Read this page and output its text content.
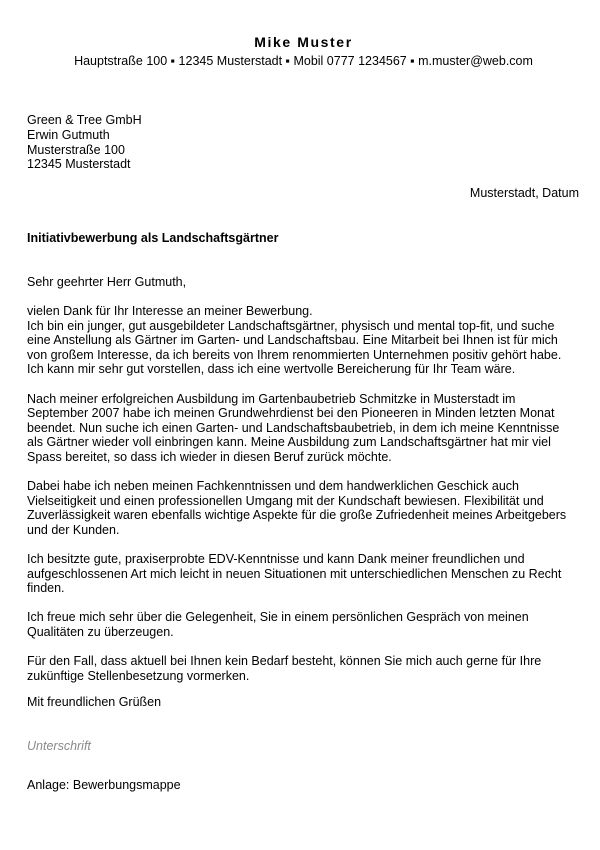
Mike Muster
Hauptstraße 100 ▪ 12345 Musterstadt ▪ Mobil 0777 1234567 ▪ m.muster@web.com
Green & Tree GmbH
Erwin Gutmuth
Musterstraße 100
12345 Musterstadt
Musterstadt, Datum
Initiativbewerbung als Landschaftsgärtner
Sehr geehrter Herr Gutmuth,

vielen Dank für Ihr Interesse an meiner Bewerbung.
Ich bin ein junger, gut ausgebildeter Landschaftsgärtner, physisch und mental top-fit, und suche
eine Anstellung als Gärtner im Garten- und Landschaftsbau. Eine Mitarbeit bei Ihnen ist für mich
von großem Interesse, da ich bereits von Ihrem renommierten Unternehmen positiv gehört habe.
Ich kann mir sehr gut vorstellen, dass ich eine wertvolle Bereicherung für Ihr Team wäre.

Nach meiner erfolgreichen Ausbildung im Gartenbaubetrieb Schmitzke in Musterstadt im
September 2007 habe ich meinen Grundwehrdienst bei den Pioneeren in Minden letzten Monat
beendet. Nun suche ich einen Garten- und Landschaftsbaubetrieb, in dem ich meine Kenntnisse
als Gärtner wieder voll einbringen kann. Meine Ausbildung zum Landschaftsgärtner hat mir viel
Spass bereitet, so dass ich wieder in diesen Beruf zurück möchte.

Dabei habe ich neben meinen Fachkenntnissen und dem handwerklichen Geschick auch
Vielseitigkeit und einen professionellen Umgang mit der Kundschaft bewiesen. Flexibilität und
Zuverlässigkeit waren ebenfalls wichtige Aspekte für die große Zufriedenheit meines Arbeitgebers
und der Kunden.

Ich besitzte gute, praxiserprobte EDV-Kenntnisse und kann Dank meiner freundlichen und
aufgeschlossenen Art mich leicht in neuen Situationen mit unterschiedlichen Menschen zu Recht
finden.

Ich freue mich sehr über die Gelegenheit, Sie in einem persönlichen Gespräch von meinen
Qualitäten zu überzeugen.

Für den Fall, dass aktuell bei Ihnen kein Bedarf besteht, können Sie mich auch gerne für Ihre
zukünftige Stellenbesetzung vormerken.

Mit freundlichen Grüßen
Unterschrift
Anlage: Bewerbungsmappe
